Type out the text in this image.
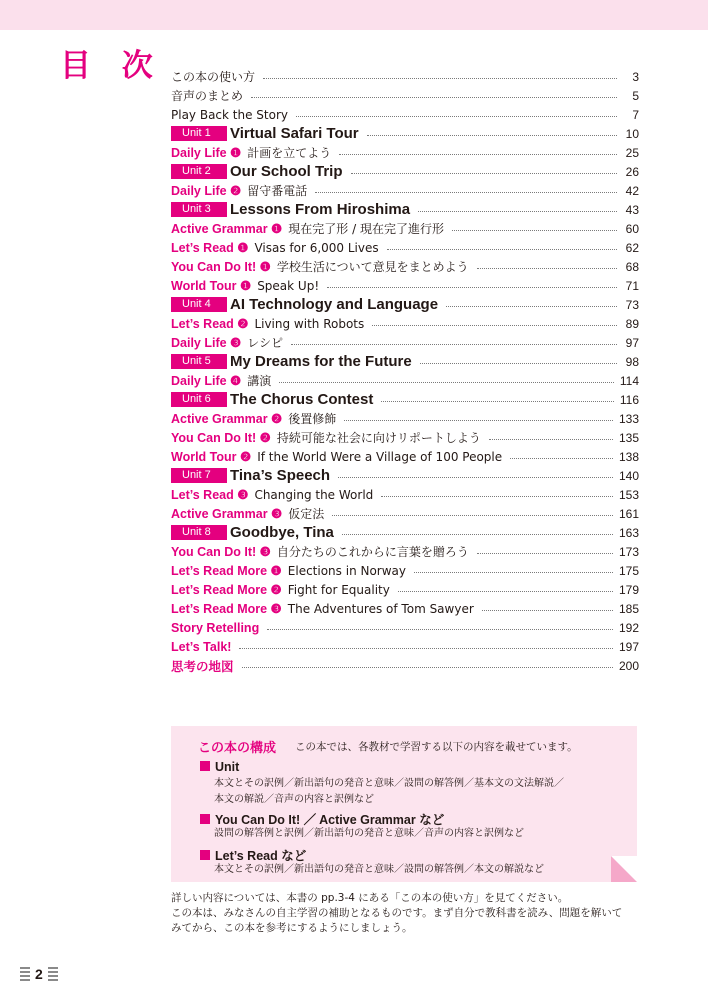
目 次 この本の使い方	3
音声のまとめ	5
Play Back the Story	7
Unit 1	Virtual Safari Tour	10
Daily Life ❶ 計画を立てよう	25
Unit 2	Our School Trip	26
Daily Life ❷ 留守番電話	42
Unit 3	Lessons From Hiroshima	43
Active Grammar ❶ 現在完了形 / 現在完了進行形	60
Let’s Read ❶ Visas for 6,000 Lives	62
You Can Do It! ❶ 学校生活について意見をまとめよう	68
World Tour ❶ Speak Up!	71
Unit 4	AI Technology and Language	73
Let’s Read ❷ Living with Robots	89
Daily Life ❸ レシピ	97
Unit 5	My Dreams for the Future	98
Daily Life ❹ 講演	114
Unit 6	The Chorus Contest	116
Active Grammar ❷ 後置修飾	133
You Can Do It! ❷ 持続可能な社会に向けリポートしよう	135
World Tour ❷ If the World Were a Village of 100 People	138
Unit 7	Tina’s Speech	140
Let’s Read ❸ Changing the World	153
Active Grammar ❸ 仮定法	161
Unit 8	Goodbye, Tina	163
You Can Do It! ❸ 自分たちのこれからに言葉を贈ろう	173
Let’s Read More ❶ Elections in Norway	175
Let’s Read More ❷ Fight for Equality	179
Let’s Read More ❸ The Adventures of Tom Sawyer	185
Story Retelling	192
Let’s Talk!	197
思考の地図	200
この本の構成 この本では、各教材で学習する以下の内容を載せています。
Unit
本文とその訳例／新出語句の発音と意味／設問の解答例／基本文の文法解説／
本文の解説／音声の内容と訳例など
You Can Do It! ／ Active Grammar など
設問の解答例と訳例／新出語句の発音と意味／音声の内容と訳例など
Let’s Read など
本文とその訳例／新出語句の発音と意味／設問の解答例／本文の解説など
詳しい内容については、本書の pp.3-4 にある「この本の使い方」を見てください。
この本は、みなさんの自主学習の補助となるものです。まず自分で教科書を読み、問題を解いて
みてから、この本を参考にするようにしましょう。
2
